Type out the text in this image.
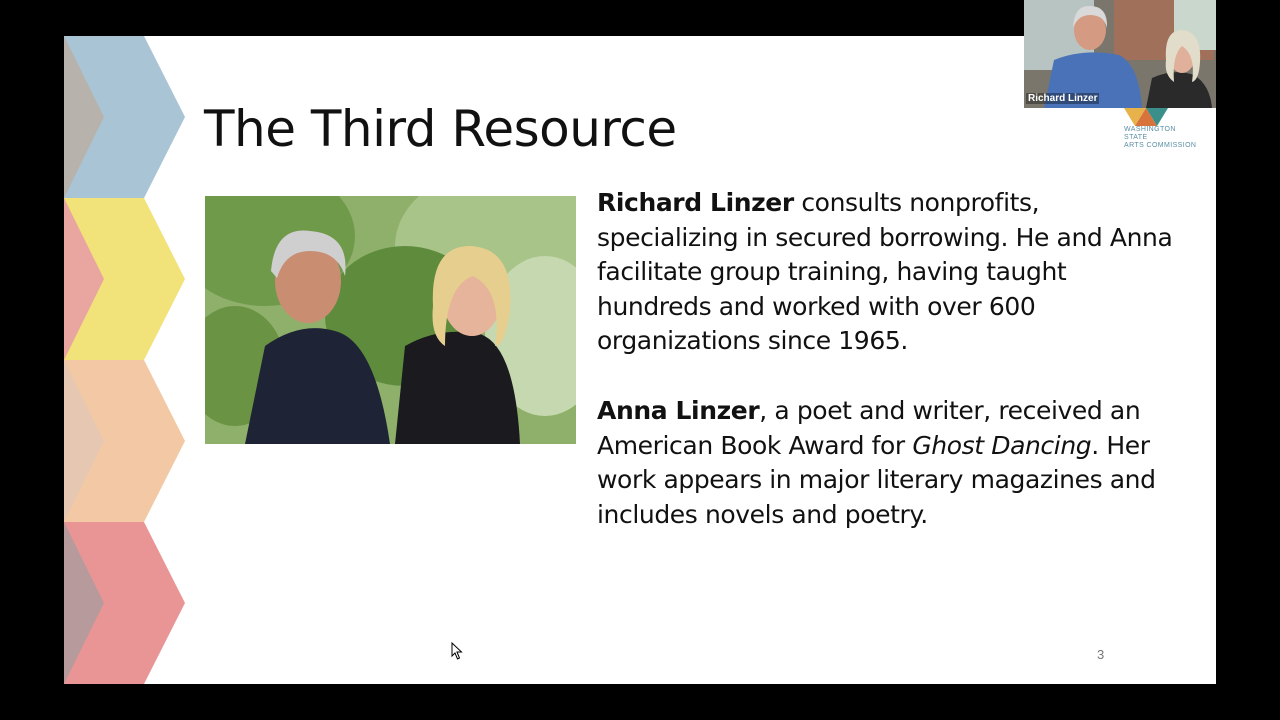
The Third Resource

Richard Linzer consults nonprofits, specializing in secured borrowing. He and Anna facilitate group training, having taught hundreds and worked with over 600 organizations since 1965.

Anna Linzer, a poet and writer, received an American Book Award for Ghost Dancing. Her work appears in major literary magazines and includes novels and poetry.

WASHINGTON STATE
ARTS COMMISSION
3
Richard Linzer
